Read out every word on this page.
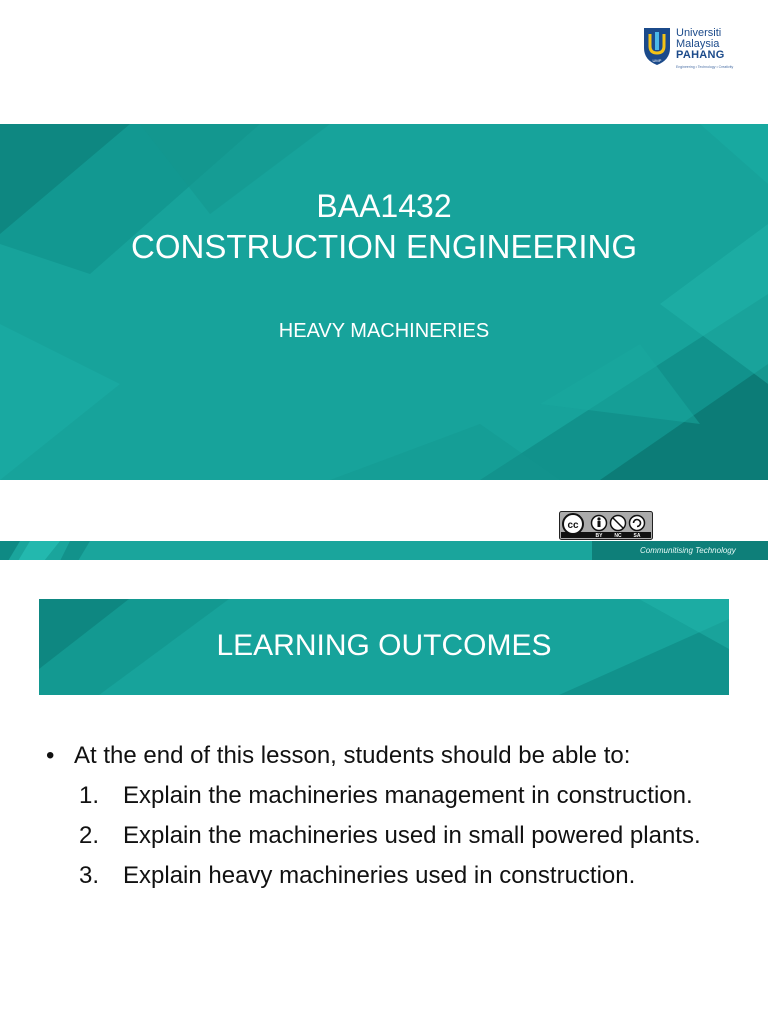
UMP
Universiti
Malaysia
PAHANG
Engineering • Technology • Creativity
BAA1432
CONSTRUCTION ENGINEERING
HEAVY MACHINERIES
cc
BY NC SA
Communitising Technology
LEARNING OUTCOMES
• At the end of this lesson, students should be able to:
1. Explain the machineries management in construction.
2. Explain the machineries used in small powered plants.
3. Explain heavy machineries used in construction.
